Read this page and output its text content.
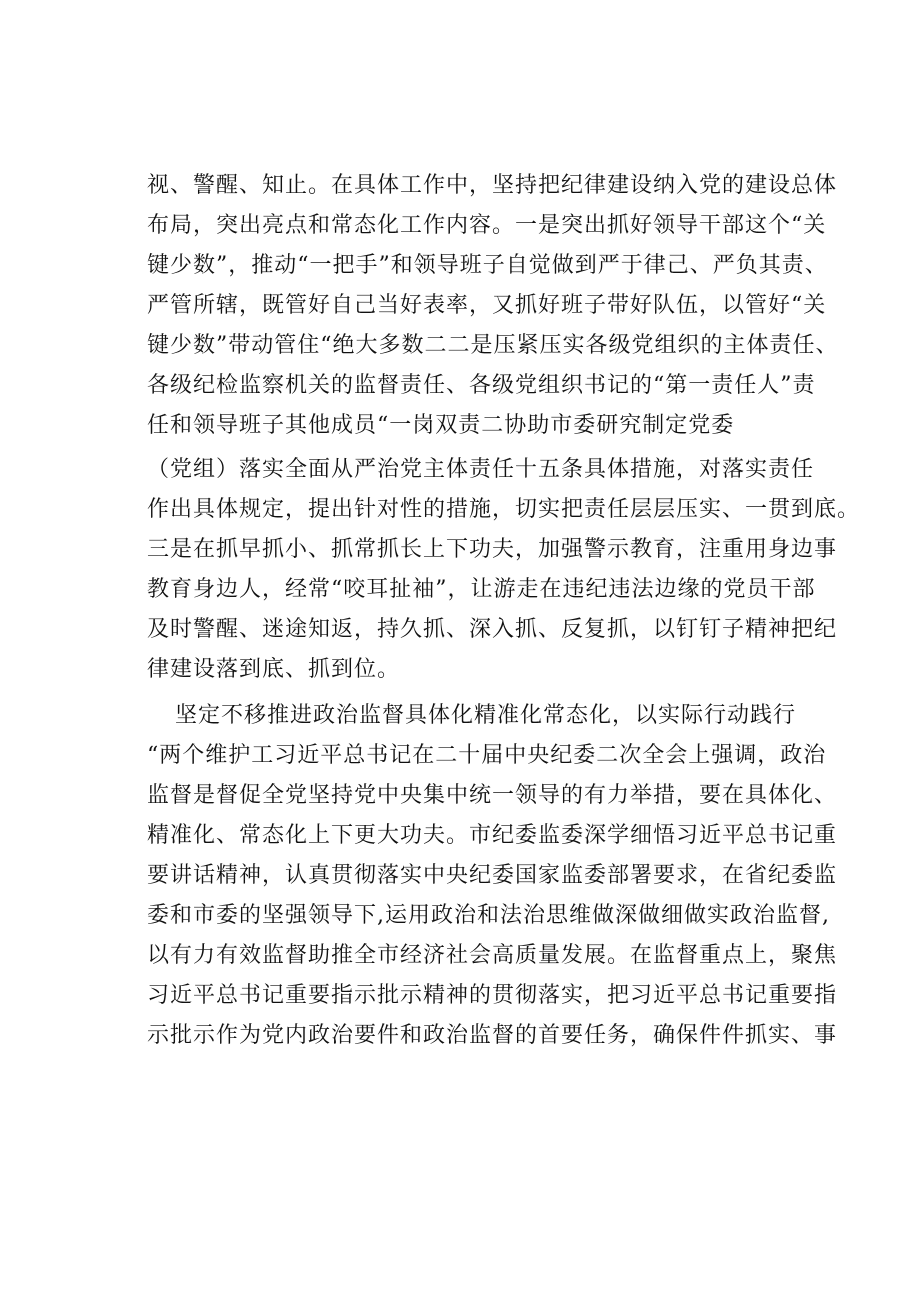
视、警醒、知止。在具体工作中，坚持把纪律建设纳入党的建设总体
布局，突出亮点和常态化工作内容。一是突出抓好领导干部这个“关
键少数”，推动“一把手”和领导班子自觉做到严于律己、严负其责、
严管所辖，既管好自己当好表率，又抓好班子带好队伍，以管好“关
键少数”带动管住“绝大多数二二是压紧压实各级党组织的主体责任、
各级纪检监察机关的监督责任、各级党组织书记的“第一责任人”责
任和领导班子其他成员“一岗双责二协助市委研究制定党委
（党组）落实全面从严治党主体责任十五条具体措施，对落实责任
作出具体规定，提出针对性的措施，切实把责任层层压实、一贯到底。
三是在抓早抓小、抓常抓长上下功夫，加强警示教育，注重用身边事
教育身边人，经常“咬耳扯袖”，让游走在违纪违法边缘的党员干部
及时警醒、迷途知返，持久抓、深入抓、反复抓，以钉钉子精神把纪
律建设落到底、抓到位。
坚定不移推进政治监督具体化精准化常态化，以实际行动践行
“两个维护工习近平总书记在二十届中央纪委二次全会上强调，政治
监督是督促全党坚持党中央集中统一领导的有力举措，要在具体化、
精准化、常态化上下更大功夫。市纪委监委深学细悟习近平总书记重
要讲话精神，认真贯彻落实中央纪委国家监委部署要求，在省纪委监
委和市委的坚强领导下,运用政治和法治思维做深做细做实政治监督,
以有力有效监督助推全市经济社会高质量发展。在监督重点上，聚焦
习近平总书记重要指示批示精神的贯彻落实，把习近平总书记重要指
示批示作为党内政治要件和政治监督的首要任务，确保件件抓实、事
